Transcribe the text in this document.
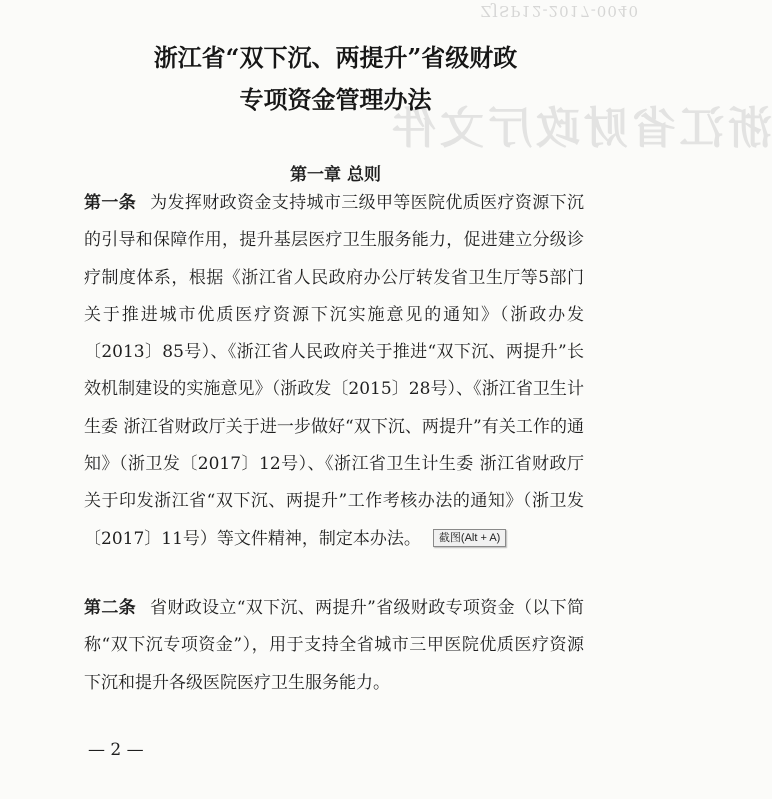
ZJSP12-2017-0040
浙江省财政厅文件
浙江省“双下沉、两提升”省级财政
专项资金管理办法
第一章 总则
第一条 为发挥财政资金支持城市三级甲等医院优质医疗资源下沉的引导和保障作用，提升基层医疗卫生服务能力，促进建立分级诊疗制度体系，根据《浙江省人民政府办公厅转发省卫生厅等5部门关于推进城市优质医疗资源下沉实施意见的通知》（浙政办发〔2013〕85号）、《浙江省人民政府关于推进“双下沉、两提升”长效机制建设的实施意见》（浙政发〔2015〕28号）、《浙江省卫生计生委 浙江省财政厅关于进一步做好“双下沉、两提升”有关工作的通知》（浙卫发〔2017〕12号）、《浙江省卫生计生委 浙江省财政厅关于印发浙江省“双下沉、两提升”工作考核办法的通知》（浙卫发〔2017〕11号）等文件精神，制定本办法。 截图(Alt + A)
第二条 省财政设立“双下沉、两提升”省级财政专项资金（以下简称“双下沉专项资金”），用于支持全省城市三甲医院优质医疗资源下沉和提升各级医院医疗卫生服务能力。
— 2 —
